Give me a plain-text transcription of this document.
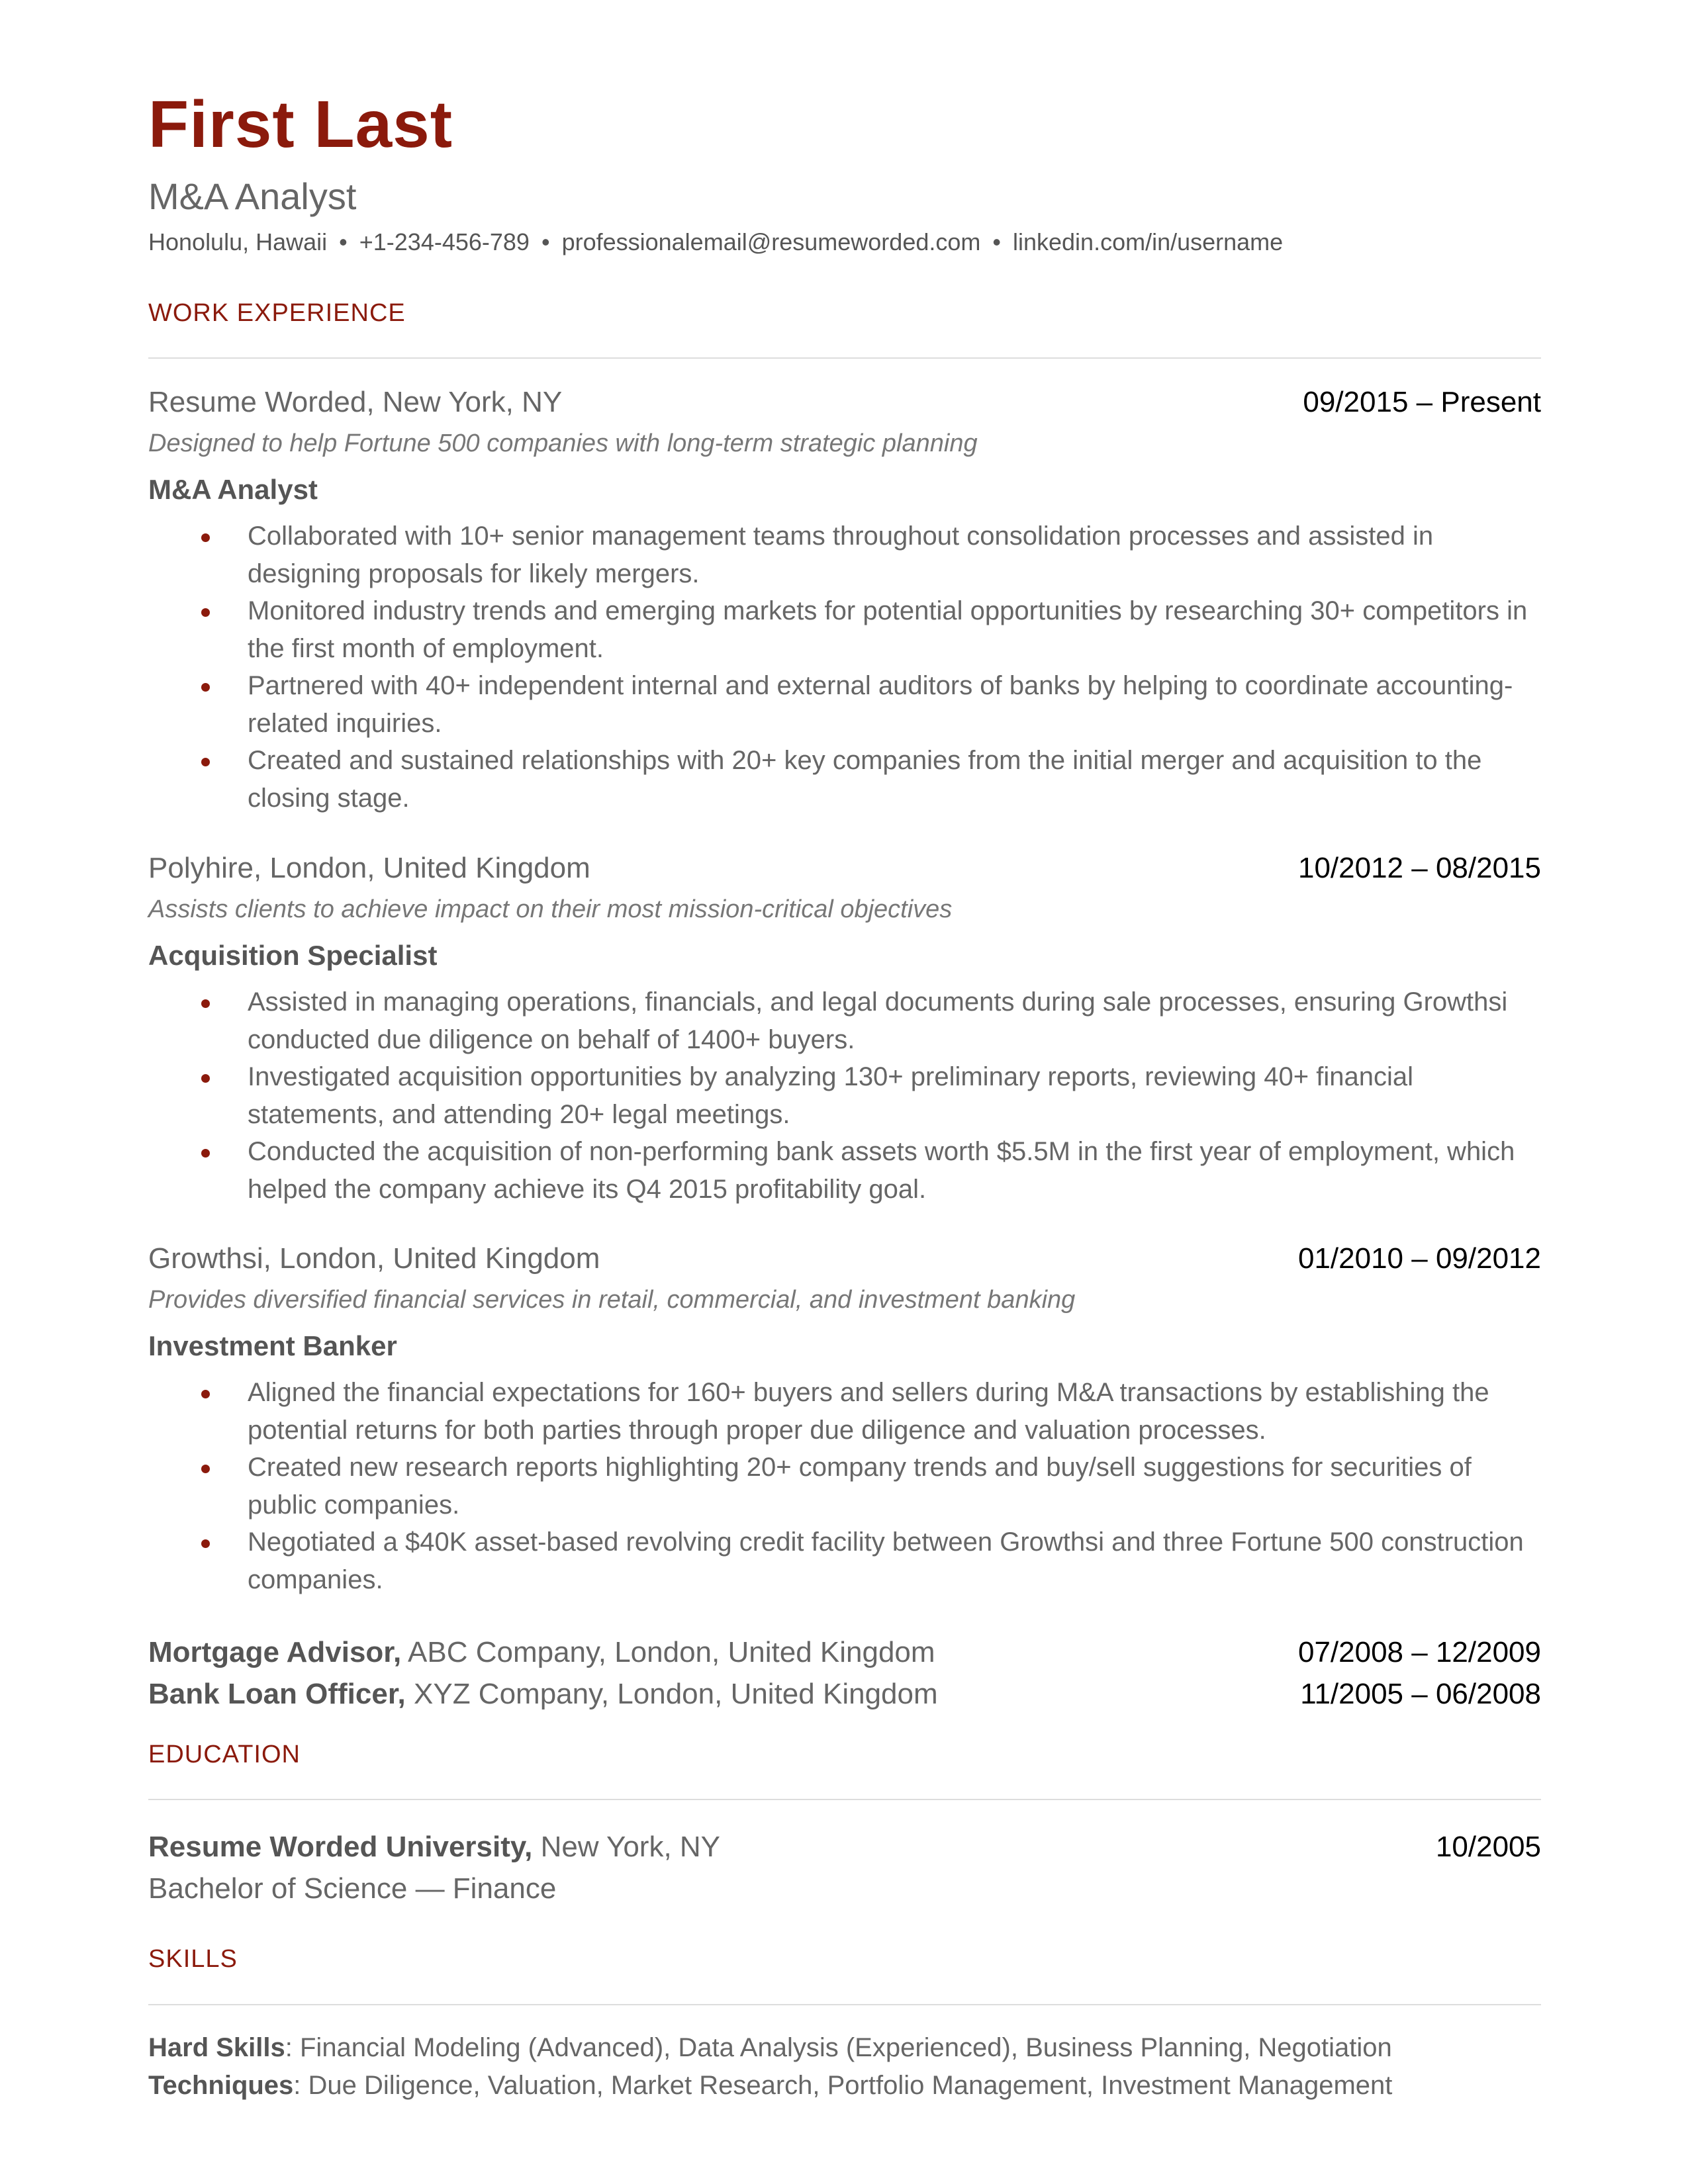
First Last
M&A Analyst
Honolulu, Hawaii • +1-234-456-789 • professionalemail@resumeworded.com • linkedin.com/in/username
WORK EXPERIENCE
Resume Worded, New York, NY	09/2015 – Present
Designed to help Fortune 500 companies with long-term strategic planning
M&A Analyst
Collaborated with 10+ senior management teams throughout consolidation processes and assisted in designing proposals for likely mergers.
Monitored industry trends and emerging markets for potential opportunities by researching 30+ competitors in the first month of employment.
Partnered with 40+ independent internal and external auditors of banks by helping to coordinate accounting-related inquiries.
Created and sustained relationships with 20+ key companies from the initial merger and acquisition to the closing stage.
Polyhire, London, United Kingdom	10/2012 – 08/2015
Assists clients to achieve impact on their most mission-critical objectives
Acquisition Specialist
Assisted in managing operations, financials, and legal documents during sale processes, ensuring Growthsi conducted due diligence on behalf of 1400+ buyers.
Investigated acquisition opportunities by analyzing 130+ preliminary reports, reviewing 40+ financial statements, and attending 20+ legal meetings.
Conducted the acquisition of non-performing bank assets worth $5.5M in the first year of employment, which helped the company achieve its Q4 2015 profitability goal.
Growthsi, London, United Kingdom	01/2010 – 09/2012
Provides diversified financial services in retail, commercial, and investment banking
Investment Banker
Aligned the financial expectations for 160+ buyers and sellers during M&A transactions by establishing the potential returns for both parties through proper due diligence and valuation processes.
Created new research reports highlighting 20+ company trends and buy/sell suggestions for securities of public companies.
Negotiated a $40K asset-based revolving credit facility between Growthsi and three Fortune 500 construction companies.
Mortgage Advisor, ABC Company, London, United Kingdom	07/2008 – 12/2009
Bank Loan Officer, XYZ Company, London, United Kingdom	11/2005 – 06/2008
EDUCATION
Resume Worded University, New York, NY	10/2005
Bachelor of Science — Finance
SKILLS
Hard Skills: Financial Modeling (Advanced), Data Analysis (Experienced), Business Planning, Negotiation
Techniques: Due Diligence, Valuation, Market Research, Portfolio Management, Investment Management
